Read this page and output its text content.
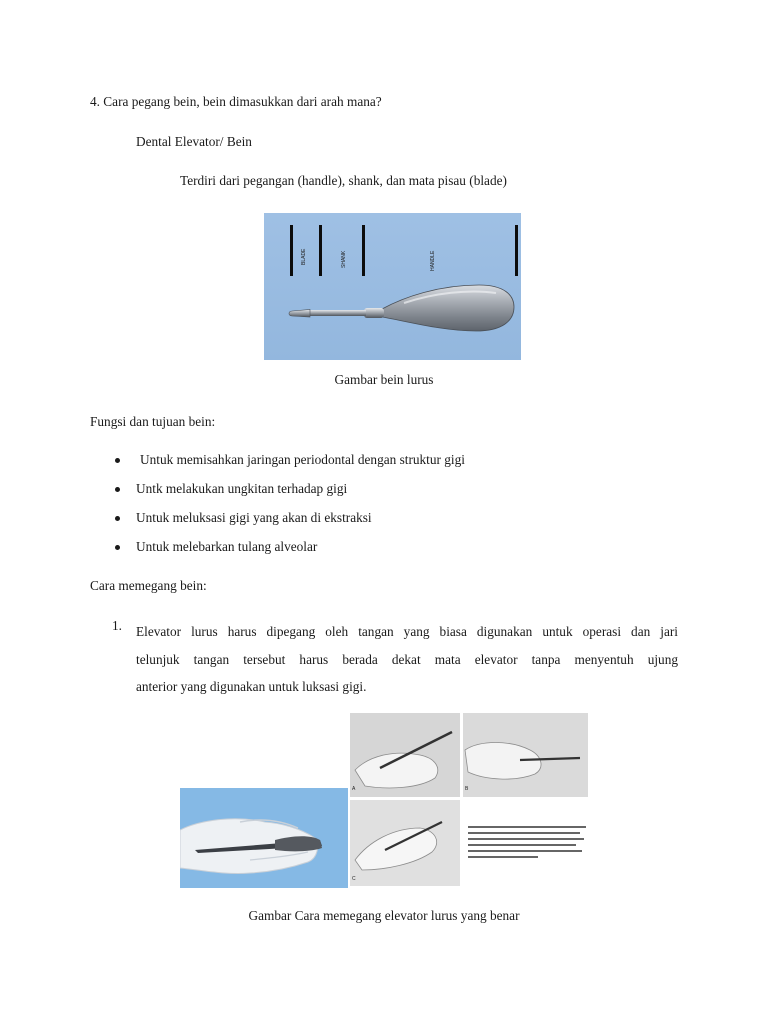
4. Cara pegang bein, bein dimasukkan dari arah mana?
Dental Elevator/ Bein
Terdiri dari pegangan (handle), shank, dan mata pisau (blade)
BLADE	SHANK	HANDLE
Gambar bein lurus
Fungsi dan tujuan bein:
Untuk memisahkan jaringan periodontal dengan struktur gigi
Untk melakukan ungkitan terhadap gigi
Untuk meluksasi gigi yang akan di ekstraksi
Untuk melebarkan tulang alveolar
Cara memegang bein:
1. Elevator lurus harus dipegang oleh tangan yang biasa digunakan untuk operasi dan jari
telunjuk tangan tersebut harus berada dekat mata elevator tanpa menyentuh ujung
anterior yang digunakan untuk luksasi gigi.
A	B
C
Gambar Cara memegang elevator lurus yang benar
